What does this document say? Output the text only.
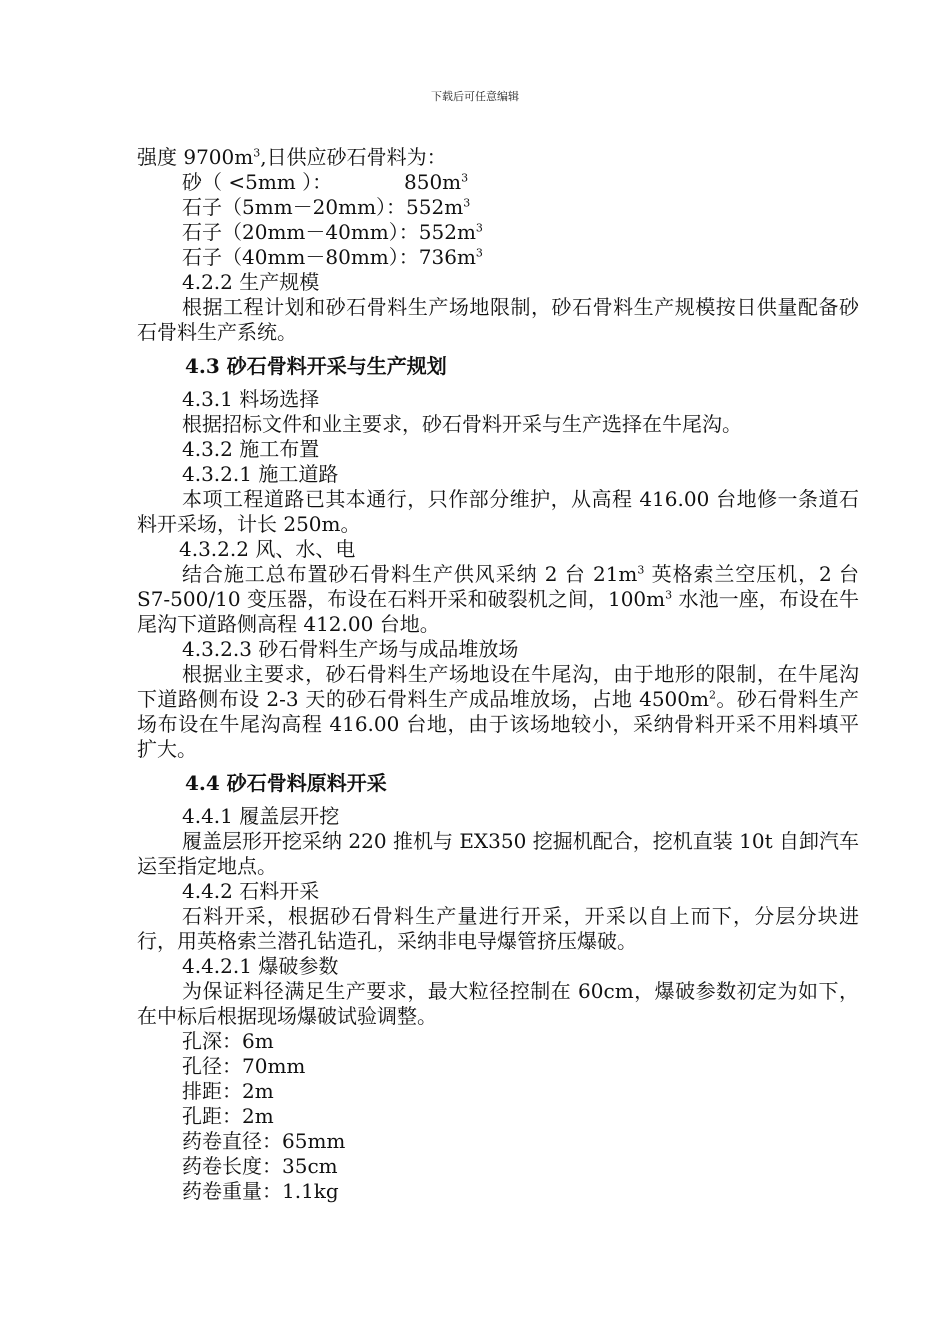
下载后可任意编辑

强度 $9700m^3$,日供应砂石骨料为：

砂（ <5mm ）：	$850m^3$

石子（5mm－20mm）：$552m^3$

石子（20mm－40mm）：$552m^3$

石子（40mm－80mm）：$736m^3$

4.2.2 生产规模

根据工程计划和砂石骨料生产场地限制，砂石骨料生产规模按日供量配备砂石骨料生产系统。

4.3 砂石骨料开采与生产规划

4.3.1 料场选择

根据招标文件和业主要求，砂石骨料开采与生产选择在牛尾沟。

4.3.2 施工布置

4.3.2.1 施工道路

本项工程道路已其本通行，只作部分维护，从高程 416.00 台地修一条道石料开采场，计长 250m。

4.3.2.2 风、水、电

结合施工总布置砂石骨料生产供风采纳 2 台 $21m^3$ 英格索兰空压机，2 台 S7-500/10 变压器，布设在石料开采和破裂机之间，$100m^3$ 水池一座，布设在牛尾沟下道路侧高程 412.00 台地。

4.3.2.3 砂石骨料生产场与成品堆放场

根据业主要求，砂石骨料生产场地设在牛尾沟，由于地形的限制，在牛尾沟下道路侧布设 2-3 天的砂石骨料生产成品堆放场，占地 $4500m^2$。砂石骨料生产场布设在牛尾沟高程 416.00 台地，由于该场地较小，采纳骨料开采不用料填平扩大。

4.4 砂石骨料原料开采

4.4.1 履盖层开挖

履盖层形开挖采纳 220 推机与 EX350 挖掘机配合，挖机直装 10t 自卸汽车运至指定地点。

4.4.2 石料开采

石料开采，根据砂石骨料生产量进行开采，开采以自上而下，分层分块进行，用英格索兰潜孔钻造孔，采纳非电导爆管挤压爆破。

4.4.2.1 爆破参数

为保证料径满足生产要求，最大粒径控制在 60cm，爆破参数初定为如下，在中标后根据现场爆破试验调整。

孔深：6m

孔径：70mm

排距：2m

孔距：2m

药卷直径：65mm

药卷长度：35cm

药卷重量：1.1kg
